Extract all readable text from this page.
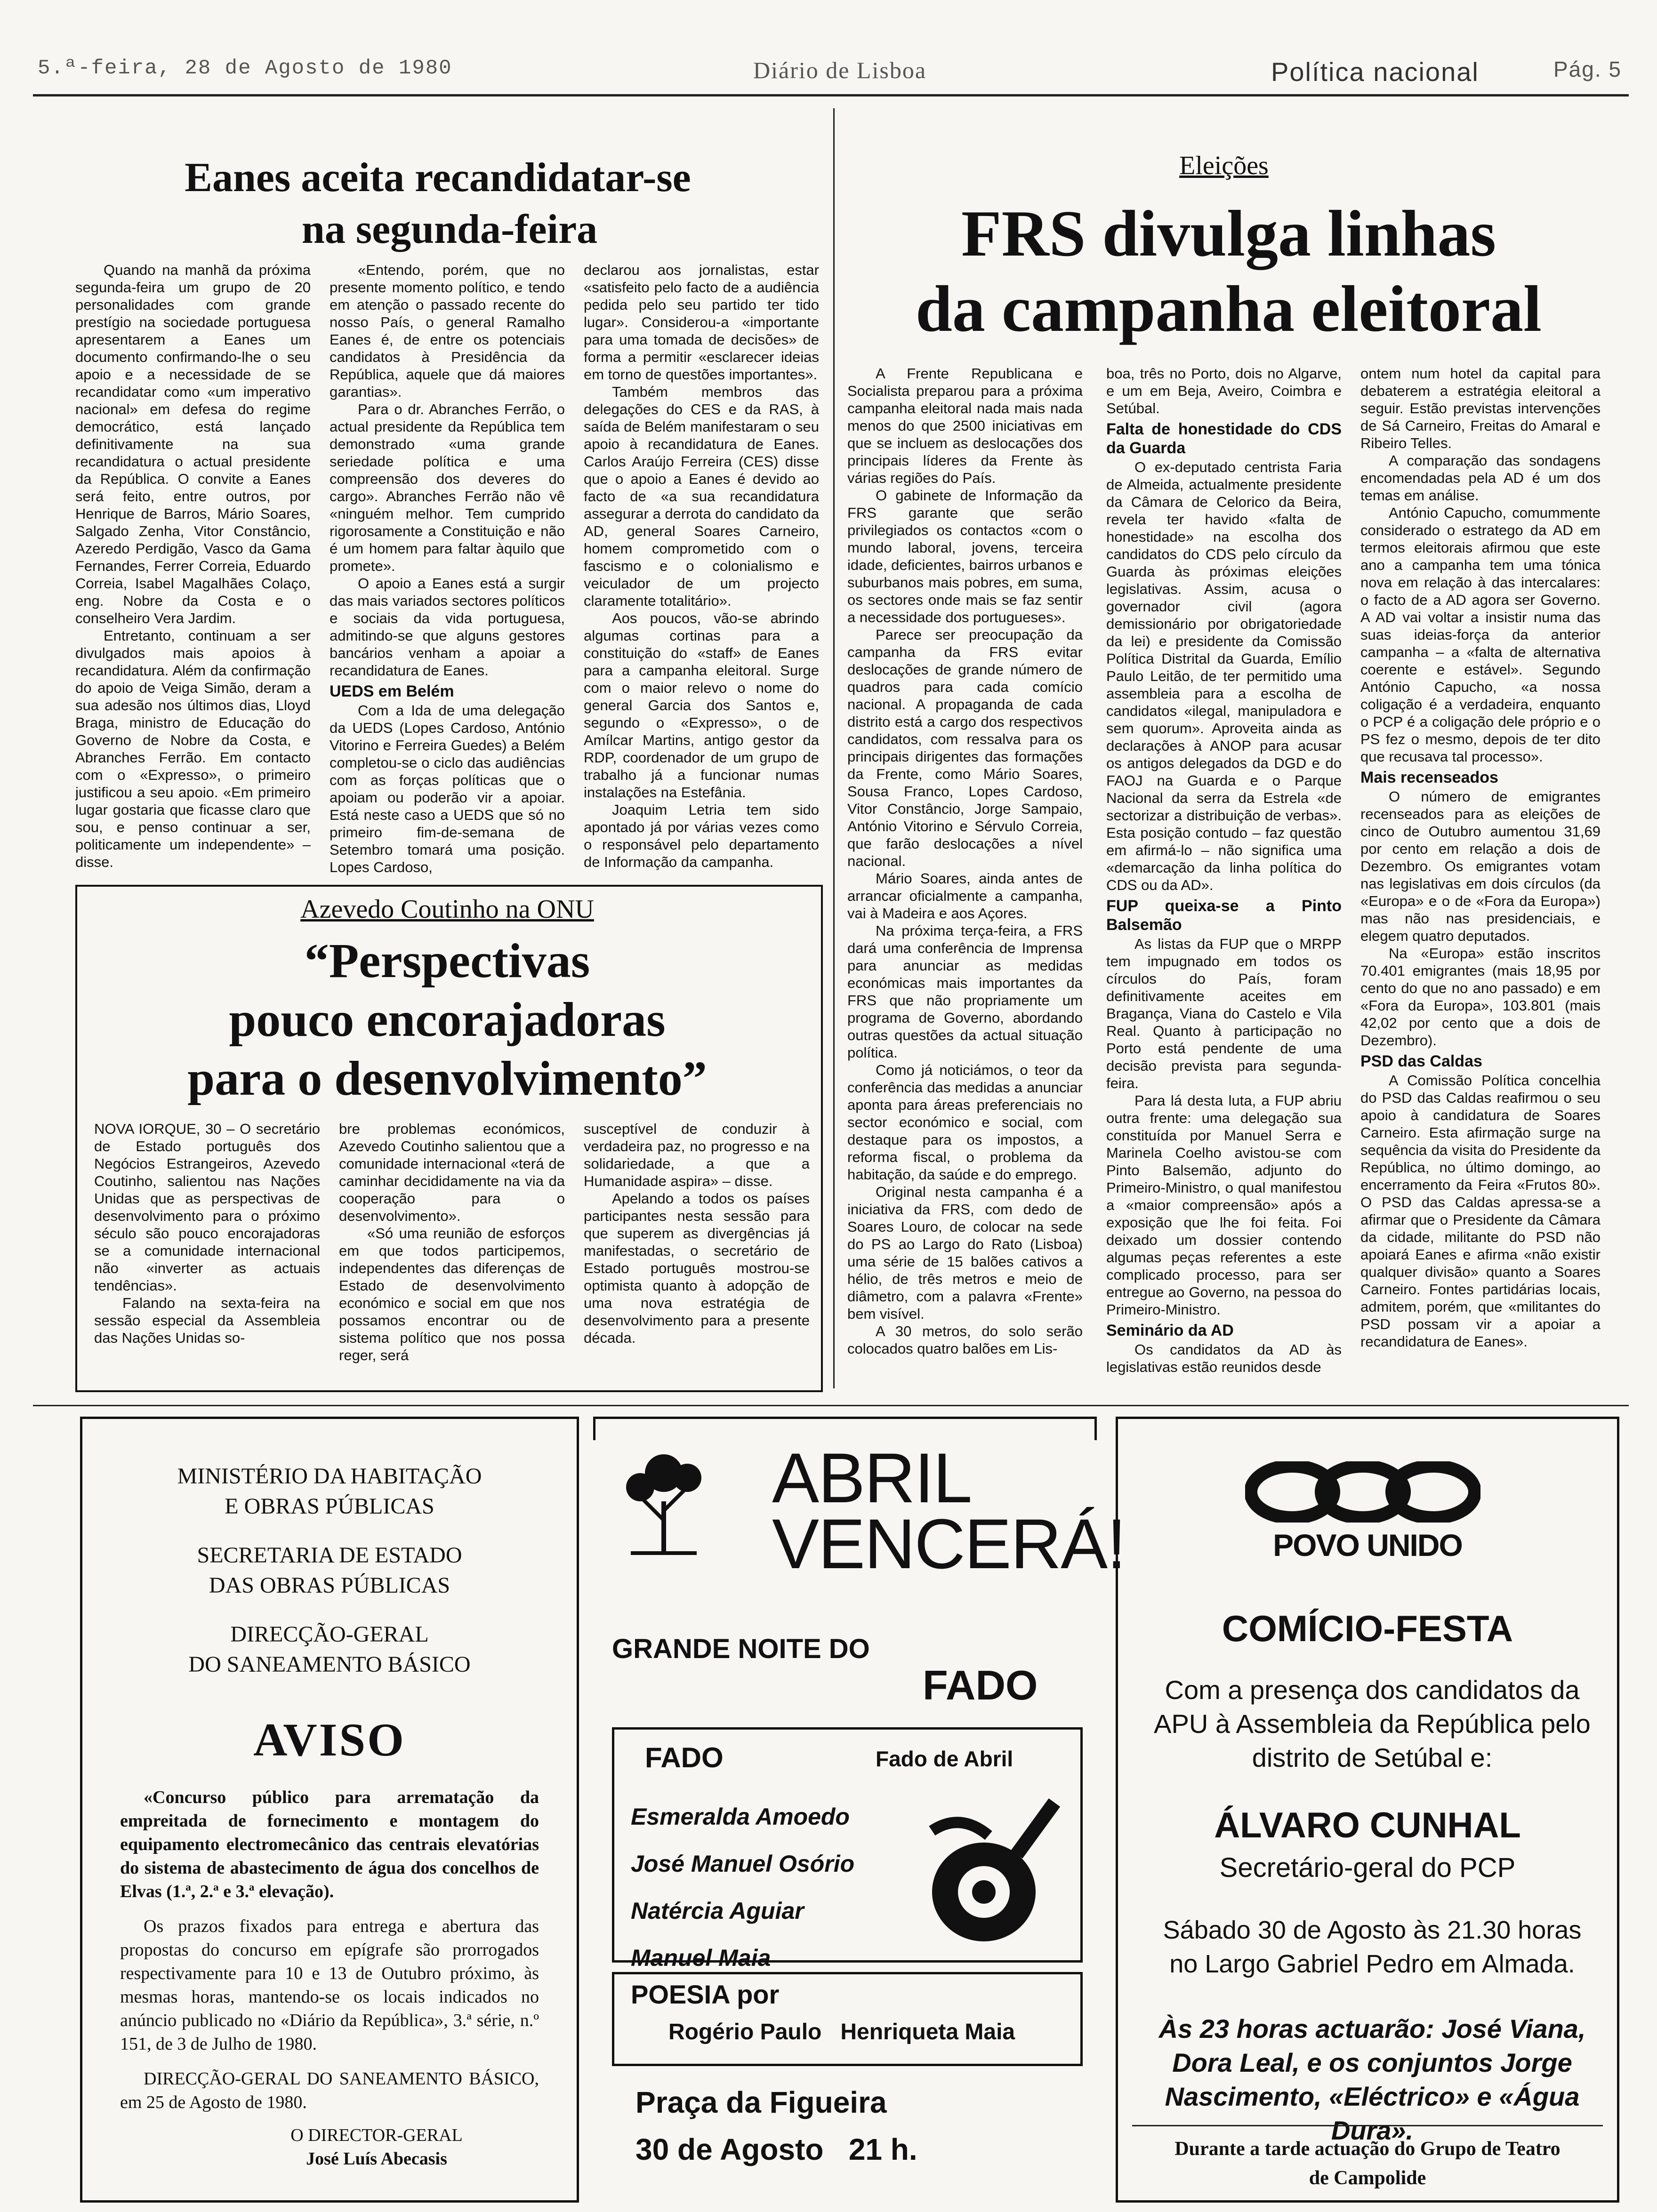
5.ª-feira, 28 de Agosto de 1980	Diário de Lisboa	Política nacional	Pág. 5
Eanes aceita recandidatar-se
na segunda-feira

Quando na manhã da próxima segunda-feira um grupo de 20 personalidades com grande prestígio na sociedade portuguesa apresentarem a Eanes um documento confirmando-lhe o seu apoio e a necessidade de se recandidatar como «um imperativo nacional» em defesa do regime democrático, está lançado definitivamente na sua recandidatura o actual presidente da República. O convite a Eanes será feito, entre outros, por Henrique de Barros, Mário Soares, Salgado Zenha, Vitor Constâncio, Azeredo Perdigão, Vasco da Gama Fernandes, Ferrer Correia, Eduardo Correia, Isabel Magalhães Colaço, eng. Nobre da Costa e o conselheiro Vera Jardim.

Entretanto, continuam a ser divulgados mais apoios à recandidatura. Além da confirmação do apoio de Veiga Simão, deram a sua adesão nos últimos dias, Lloyd Braga, ministro de Educação do Governo de Nobre da Costa, e Abranches Ferrão. Em contacto com o «Expresso», o primeiro justificou a seu apoio. «Em primeiro lugar gostaria que ficasse claro que sou, e penso continuar a ser, politicamente um independente» – disse.

«Entendo, porém, que no presente momento político, e tendo em atenção o passado recente do nosso País, o general Ramalho Eanes é, de entre os potenciais candidatos à Presidência da República, aquele que dá maiores garantias».

Para o dr. Abranches Ferrão, o actual presidente da República tem demonstrado «uma grande seriedade política e uma compreensão dos deveres do cargo». Abranches Ferrão não vê «ninguém melhor. Tem cumprido rigorosamente a Constituição e não é um homem para faltar àquilo que promete».

O apoio a Eanes está a surgir das mais variados sectores políticos e sociais da vida portuguesa, admitindo-se que alguns gestores bancários venham a apoiar a recandidatura de Eanes.

UEDS em Belém

Com a Ida de uma delegação da UEDS (Lopes Cardoso, António Vitorino e Ferreira Guedes) a Belém completou-se o ciclo das audiências com as forças políticas que o apoiam ou poderão vir a apoiar. Está neste caso a UEDS que só no primeiro fim-de-semana de Setembro tomará uma posição. Lopes Cardoso,

declarou aos jornalistas, estar «satisfeito pelo facto de a audiência pedida pelo seu partido ter tido lugar». Considerou-a «importante para uma tomada de decisões» de forma a permitir «esclarecer ideias em torno de questões importantes».

Também membros das delegações do CES e da RAS, à saída de Belém manifestaram o seu apoio à recandidatura de Eanes. Carlos Araújo Ferreira (CES) disse que o apoio a Eanes é devido ao facto de «a sua recandidatura assegurar a derrota do candidato da AD, general Soares Carneiro, homem comprometido com o fascismo e o colonialismo e veiculador de um projecto claramente totalitário».

Aos poucos, vão-se abrindo algumas cortinas para a constituição do «staff» de Eanes para a campanha eleitoral. Surge com o maior relevo o nome do general Garcia dos Santos e, segundo o «Expresso», o de Amílcar Martins, antigo gestor da RDP, coordenador de um grupo de trabalho já a funcionar numas instalações na Estefânia.

Joaquim Letria tem sido apontado já por várias vezes como o responsável pelo departamento de Informação da campanha.

Azevedo Coutinho na ONU
“Perspectivas
pouco encorajadoras
para o desenvolvimento”

NOVA IORQUE, 30 – O secretário de Estado português dos Negócios Estrangeiros, Azevedo Coutinho, salientou nas Nações Unidas que as perspectivas de desenvolvimento para o próximo século são pouco encorajadoras se a comunidade internacional não «inverter as actuais tendências».

Falando na sexta-feira na sessão especial da Assembleia das Nações Unidas so-

bre problemas económicos, Azevedo Coutinho salientou que a comunidade internacional «terá de caminhar decididamente na via da cooperação para o desenvolvimento».

«Só uma reunião de esforços em que todos participemos, independentes das diferenças de Estado de desenvolvimento económico e social em que nos possamos encontrar ou de sistema político que nos possa reger, será

susceptível de conduzir à verdadeira paz, no progresso e na solidariedade, a que a Humanidade aspira» – disse.

Apelando a todos os países participantes nesta sessão para que superem as divergências já manifestadas, o secretário de Estado português mostrou-se optimista quanto à adopção de uma nova estratégia de desenvolvimento para a presente década.

Eleições
FRS divulga linhas
da campanha eleitoral

A Frente Republicana e Socialista preparou para a próxima campanha eleitoral nada mais nada menos do que 2500 iniciativas em que se incluem as deslocações dos principais líderes da Frente às várias regiões do País.

O gabinete de Informação da FRS garante que serão privilegiados os contactos «com o mundo laboral, jovens, terceira idade, deficientes, bairros urbanos e suburbanos mais pobres, em suma, os sectores onde mais se faz sentir a necessidade dos portugueses».

Parece ser preocupação da campanha da FRS evitar deslocações de grande número de quadros para cada comício nacional. A propaganda de cada distrito está a cargo dos respectivos candidatos, com ressalva para os principais dirigentes das formações da Frente, como Mário Soares, Sousa Franco, Lopes Cardoso, Vitor Constâncio, Jorge Sampaio, António Vitorino e Sérvulo Correia, que farão deslocações a nível nacional.

Mário Soares, ainda antes de arrancar oficialmente a campanha, vai à Madeira e aos Açores.

Na próxima terça-feira, a FRS dará uma conferência de Imprensa para anunciar as medidas económicas mais importantes da FRS que não propriamente um programa de Governo, abordando outras questões da actual situação política.

Como já noticiámos, o teor da conferência das medidas a anunciar aponta para áreas preferenciais no sector económico e social, com destaque para os impostos, a reforma fiscal, o problema da habitação, da saúde e do emprego.

Original nesta campanha é a iniciativa da FRS, com dedo de Soares Louro, de colocar na sede do PS ao Largo do Rato (Lisboa) uma série de 15 balões cativos a hélio, de três metros e meio de diâmetro, com a palavra «Frente» bem visível.

A 30 metros, do solo serão colocados quatro balões em Lis-

boa, três no Porto, dois no Algarve, e um em Beja, Aveiro, Coimbra e Setúbal.

Falta de honestidade do CDS da Guarda

O ex-deputado centrista Faria de Almeida, actualmente presidente da Câmara de Celorico da Beira, revela ter havido «falta de honestidade» na escolha dos candidatos do CDS pelo círculo da Guarda às próximas eleições legislativas. Assim, acusa o governador civil (agora demissionário por obrigatoriedade da lei) e presidente da Comissão Política Distrital da Guarda, Emílio Paulo Leitão, de ter permitido uma assembleia para a escolha de candidatos «ilegal, manipuladora e sem quorum». Aproveita ainda as declarações à ANOP para acusar os antigos delegados da DGD e do FAOJ na Guarda e o Parque Nacional da serra da Estrela «de sectorizar a distribuição de verbas». Esta posição contudo – faz questão em afirmá-lo – não significa uma «demarcação da linha política do CDS ou da AD».

FUP queixa-se a Pinto Balsemão

As listas da FUP que o MRPP tem impugnado em todos os círculos do País, foram definitivamente aceites em Bragança, Viana do Castelo e Vila Real. Quanto à participação no Porto está pendente de uma decisão prevista para segunda-feira.

Para lá desta luta, a FUP abriu outra frente: uma delegação sua constituída por Manuel Serra e Marinela Coelho avistou-se com Pinto Balsemão, adjunto do Primeiro-Ministro, o qual manifestou a «maior compreensão» após a exposição que lhe foi feita. Foi deixado um dossier contendo algumas peças referentes a este complicado processo, para ser entregue ao Governo, na pessoa do Primeiro-Ministro.

Seminário da AD

Os candidatos da AD às legislativas estão reunidos desde

ontem num hotel da capital para debaterem a estratégia eleitoral a seguir. Estão previstas intervenções de Sá Carneiro, Freitas do Amaral e Ribeiro Telles.

A comparação das sondagens encomendadas pela AD é um dos temas em análise.

António Capucho, comummente considerado o estratego da AD em termos eleitorais afirmou que este ano a campanha tem uma tónica nova em relação à das intercalares: o facto de a AD agora ser Governo. A AD vai voltar a insistir numa das suas ideias-força da anterior campanha – a «falta de alternativa coerente e estável». Segundo António Capucho, «a nossa coligação é a verdadeira, enquanto o PCP é a coligação dele próprio e o PS fez o mesmo, depois de ter dito que recusava tal processo».

Mais recenseados

O número de emigrantes recenseados para as eleições de cinco de Outubro aumentou 31,69 por cento em relação a dois de Dezembro. Os emigrantes votam nas legislativas em dois círculos (da «Europa» e o de «Fora da Europa») mas não nas presidenciais, e elegem quatro deputados.

Na «Europa» estão inscritos 70.401 emigrantes (mais 18,95 por cento do que no ano passado) e em «Fora da Europa», 103.801 (mais 42,02 por cento que a dois de Dezembro).

PSD das Caldas

A Comissão Política concelhia do PSD das Caldas reafirmou o seu apoio à candidatura de Soares Carneiro. Esta afirmação surge na sequência da visita do Presidente da República, no último domingo, ao encerramento da Feira «Frutos 80». O PSD das Caldas apressa-se a afirmar que o Presidente da Câmara da cidade, militante do PSD não apoiará Eanes e afirma «não existir qualquer divisão» quanto a Soares Carneiro. Fontes partidárias locais, admitem, porém, que «militantes do PSD possam vir a apoiar a recandidatura de Eanes».

MINISTÉRIO DA HABITAÇÃO
E OBRAS PÚBLICAS
SECRETARIA DE ESTADO
DAS OBRAS PÚBLICAS
DIRECÇÃO-GERAL
DO SANEAMENTO BÁSICO
AVISO

«Concurso público para arrematação da empreitada de fornecimento e montagem do equipamento electromecânico das centrais elevatórias do sistema de abastecimento de água dos concelhos de Elvas (1.ª, 2.ª e 3.ª elevação).

Os prazos fixados para entrega e abertura das propostas do concurso em epígrafe são prorrogados respectivamente para 10 e 13 de Outubro próximo, às mesmas horas, mantendo-se os locais indicados no anúncio publicado no «Diário da República», 3.ª série, n.º 151, de 3 de Julho de 1980.

DIRECÇÃO-GERAL DO SANEAMENTO BÁSICO, em 25 de Agosto de 1980.

O DIRECTOR-GERAL
José Luís Abecasis
ABRIL
VENCERÁ!
GRANDE NOITE DO
FADO
FADO	Fado de Abril
Esmeralda Amoedo
José Manuel Osório
Natércia Aguiar
Manuel Maia
POESIA por
Rogério Paulo   Henriqueta Maia
Praça da Figueira
30 de Agosto   21 h.
POVO UNIDO
COMÍCIO-FESTA
Com a presença dos candidatos da APU à Assembleia da República pelo distrito de Setúbal e:
ÁLVARO CUNHAL
Secretário-geral do PCP
Sábado 30 de Agosto às 21.30 horas no Largo Gabriel Pedro em Almada.
Às 23 horas actuarão: José Viana, Dora Leal, e os conjuntos Jorge Nascimento, «Eléctrico» e «Água Dura».
Durante a tarde actuação do Grupo de Teatro de Campolide
